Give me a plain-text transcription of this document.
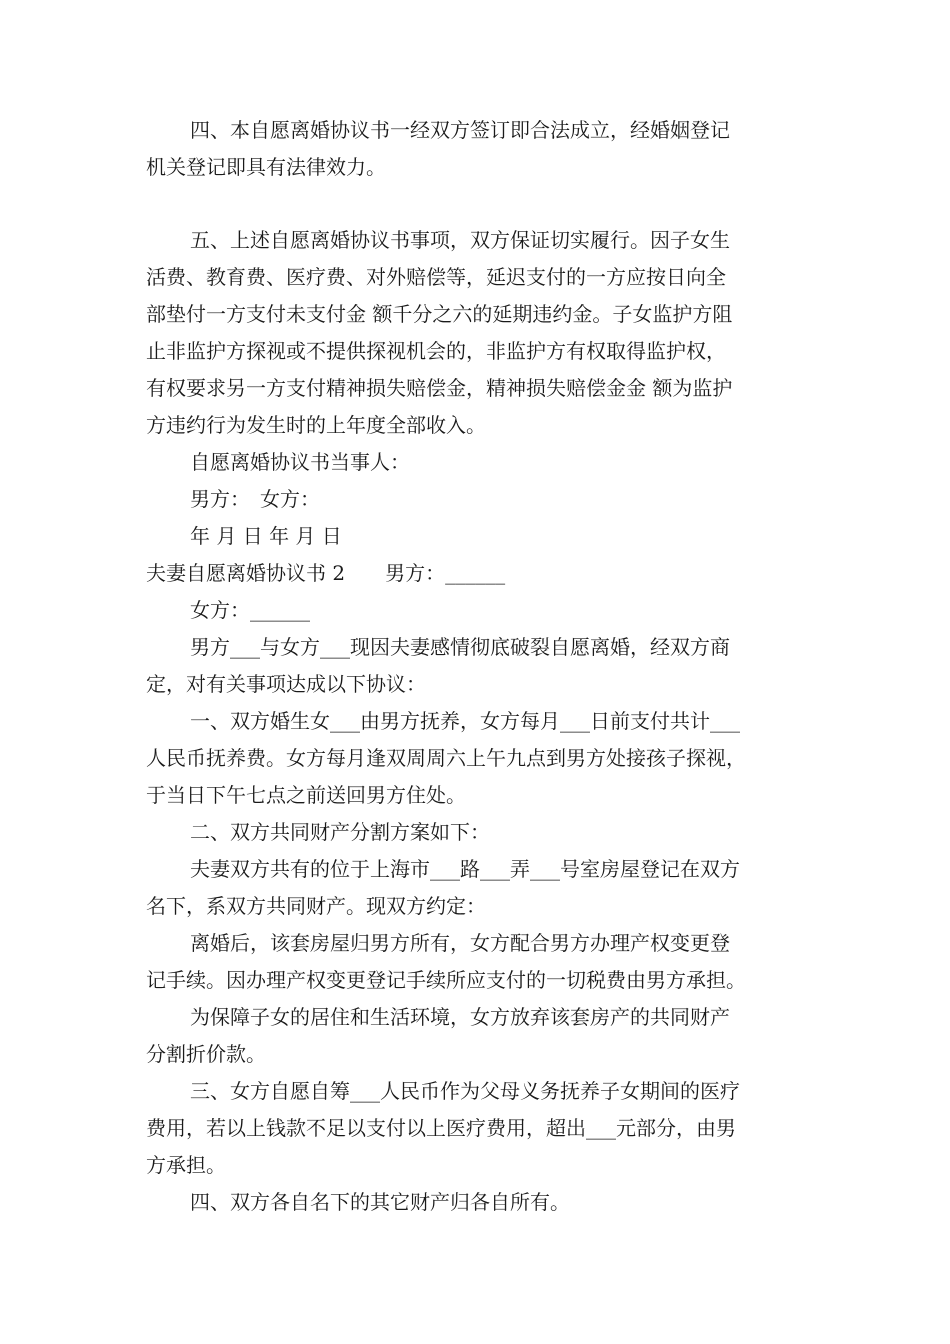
四、本自愿离婚协议书一经双方签订即合法成立，经婚姻登记
机关登记即具有法律效力。
五、上述自愿离婚协议书事项，双方保证切实履行。因子女生
活费、教育费、医疗费、对外赔偿等，延迟支付的一方应按日向全
部垫付一方支付未支付金 额千分之六的延期违约金。子女监护方阻
止非监护方探视或不提供探视机会的，非监护方有权取得监护权，
有权要求另一方支付精神损失赔偿金，精神损失赔偿金金 额为监护
方违约行为发生时的上年度全部收入。
自愿离婚协议书当事人：
男方：　女方：
年 月 日 年 月 日
夫妻自愿离婚协议书 2　　男方：______
女方：______
男方___与女方___现因夫妻感情彻底破裂自愿离婚，经双方商
定，对有关事项达成以下协议：
一、双方婚生女___由男方抚养，女方每月___日前支付共计___
人民币抚养费。女方每月逢双周周六上午九点到男方处接孩子探视，
于当日下午七点之前送回男方住处。
二、双方共同财产分割方案如下：
夫妻双方共有的位于上海市___路___弄___号室房屋登记在双方
名下，系双方共同财产。现双方约定：
离婚后，该套房屋归男方所有，女方配合男方办理产权变更登
记手续。因办理产权变更登记手续所应支付的一切税费由男方承担。
为保障子女的居住和生活环境，女方放弃该套房产的共同财产
分割折价款。
三、女方自愿自筹___人民币作为父母义务抚养子女期间的医疗
费用，若以上钱款不足以支付以上医疗费用，超出___元部分，由男
方承担。
四、双方各自名下的其它财产归各自所有。
